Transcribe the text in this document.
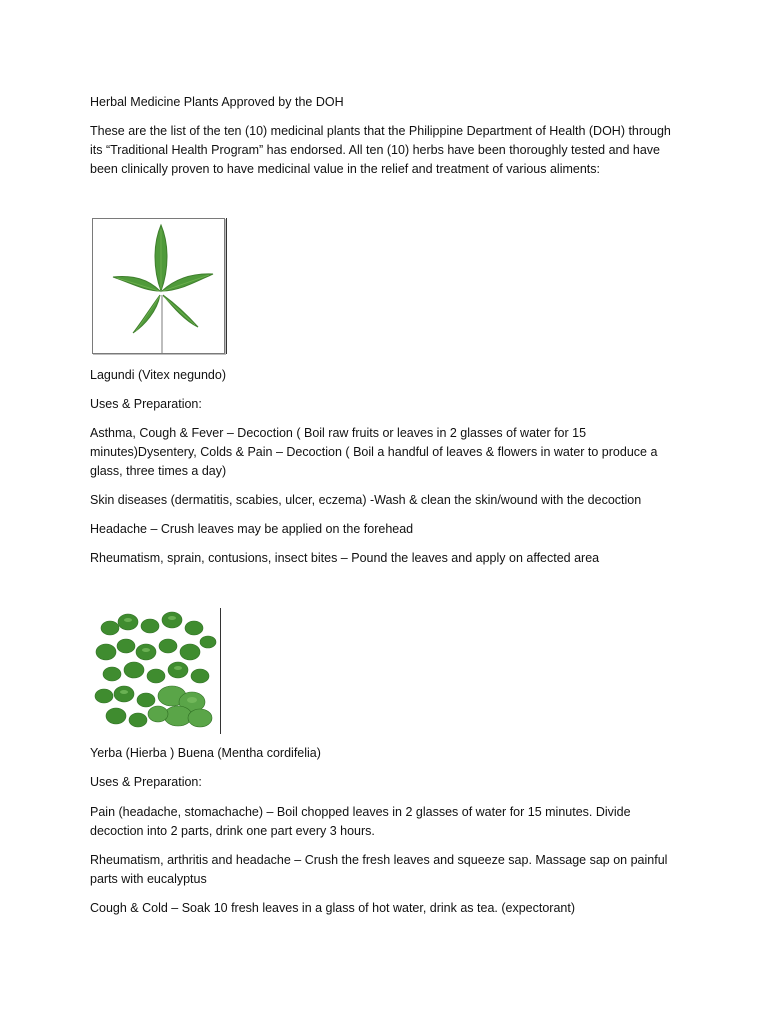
Herbal Medicine Plants Approved by the DOH

These are the list of the ten (10) medicinal plants that the Philippine Department of Health (DOH) through its “Traditional Health Program” has endorsed. All ten (10) herbs have been thoroughly tested and have been clinically proven to have medicinal value in the relief and treatment of various aliments:

Lagundi (Vitex negundo)

Uses & Preparation:

Asthma, Cough & Fever – Decoction ( Boil raw fruits or leaves in 2 glasses of water for 15 minutes)Dysentery, Colds & Pain – Decoction ( Boil a handful of leaves & flowers in water to produce a glass, three times a day)

Skin diseases (dermatitis, scabies, ulcer, eczema) -Wash & clean the skin/wound with the decoction

Headache – Crush leaves may be applied on the forehead

Rheumatism, sprain, contusions, insect bites – Pound the leaves and apply on affected area

Yerba (Hierba ) Buena (Mentha cordifelia)

Uses & Preparation:

Pain (headache, stomachache) – Boil chopped leaves in 2 glasses of water for 15 minutes. Divide decoction into 2 parts, drink one part every 3 hours.

Rheumatism, arthritis and headache – Crush the fresh leaves and squeeze sap. Massage sap on painful parts with eucalyptus

Cough & Cold – Soak 10 fresh leaves in a glass of hot water, drink as tea. (expectorant)
